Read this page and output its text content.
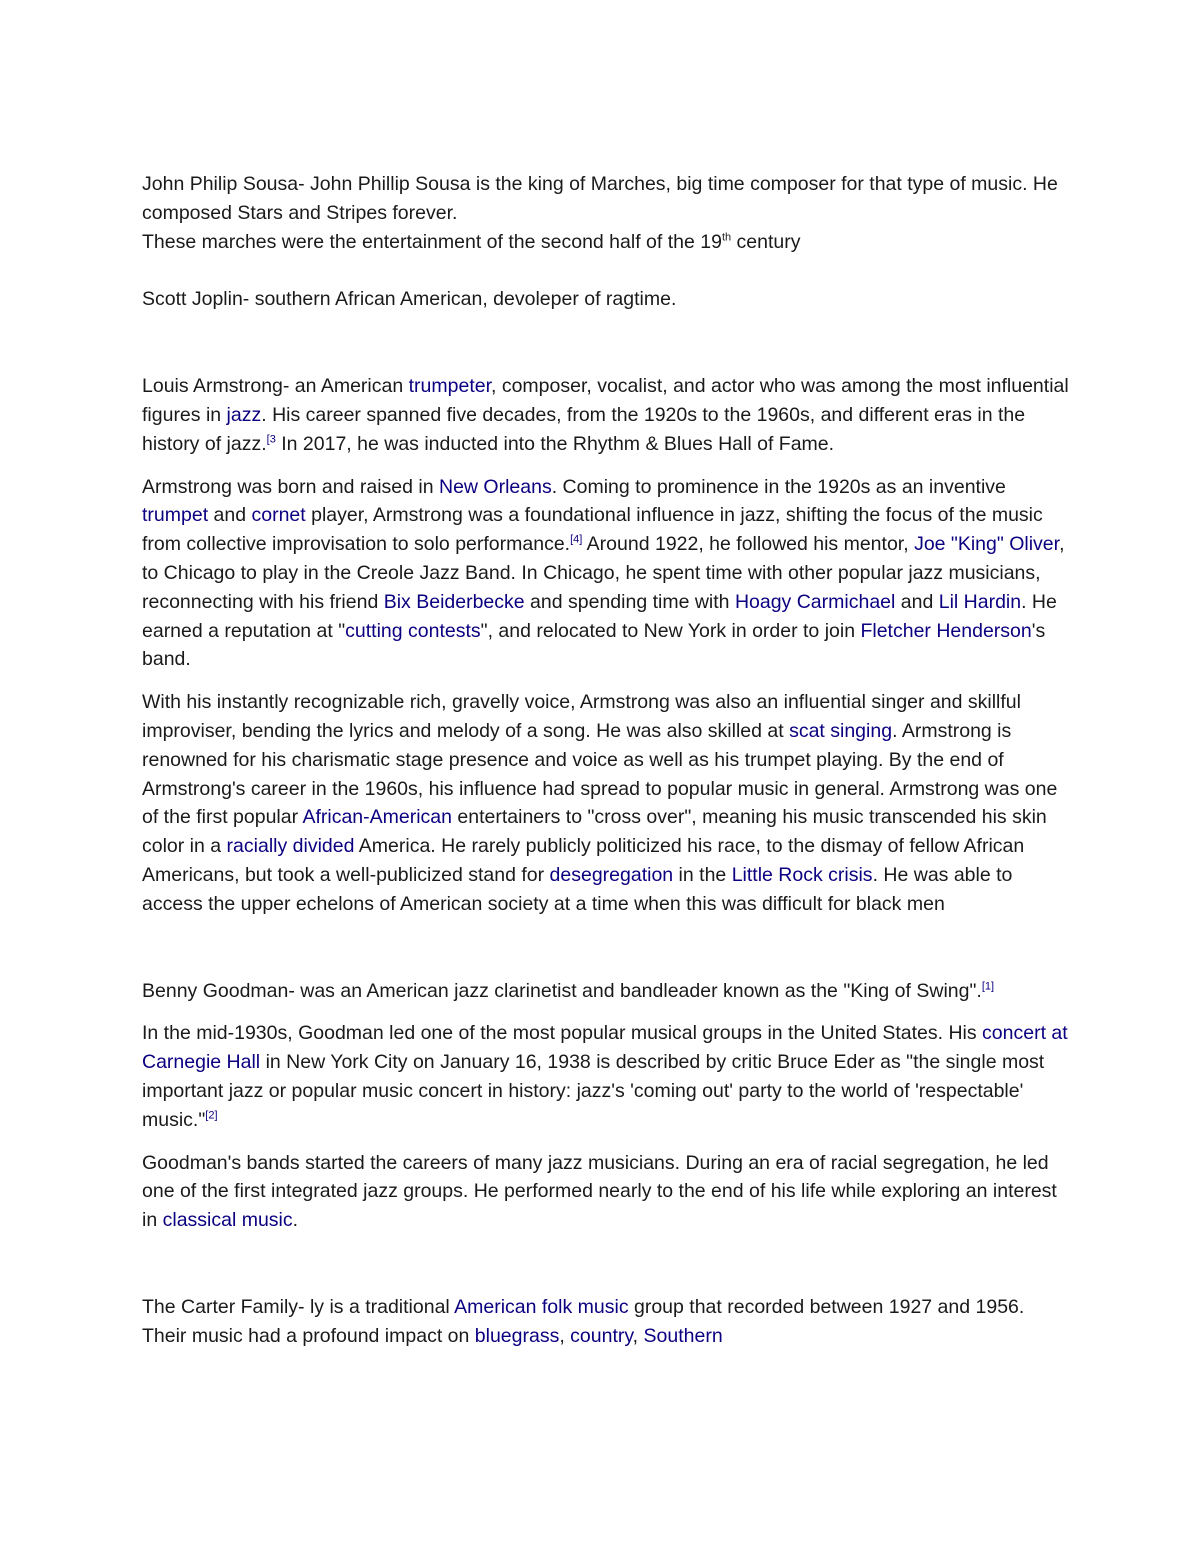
John Philip Sousa- John Phillip Sousa is the king of Marches, big time composer for that type of music. He composed Stars and Stripes forever.
These marches were the entertainment of the second half of the 19th century

Scott Joplin- southern African American, devoleper of ragtime.

Louis Armstrong- an American trumpeter, composer, vocalist, and actor who was among the most influential figures in jazz. His career spanned five decades, from the 1920s to the 1960s, and different eras in the history of jazz.$^{[3}$ In 2017, he was inducted into the Rhythm & Blues Hall of Fame.

Armstrong was born and raised in New Orleans. Coming to prominence in the 1920s as an inventive trumpet and cornet player, Armstrong was a foundational influence in jazz, shifting the focus of the music from collective improvisation to solo performance.[4] Around 1922, he followed his mentor, Joe "King" Oliver, to Chicago to play in the Creole Jazz Band. In Chicago, he spent time with other popular jazz musicians, reconnecting with his friend Bix Beiderbecke and spending time with Hoagy Carmichael and Lil Hardin. He earned a reputation at "cutting contests", and relocated to New York in order to join Fletcher Henderson's band.

With his instantly recognizable rich, gravelly voice, Armstrong was also an influential singer and skillful improviser, bending the lyrics and melody of a song. He was also skilled at scat singing. Armstrong is renowned for his charismatic stage presence and voice as well as his trumpet playing. By the end of Armstrong's career in the 1960s, his influence had spread to popular music in general. Armstrong was one of the first popular African-American entertainers to "cross over", meaning his music transcended his skin color in a racially divided America. He rarely publicly politicized his race, to the dismay of fellow African Americans, but took a well-publicized stand for desegregation in the Little Rock crisis. He was able to access the upper echelons of American society at a time when this was difficult for black men

Benny Goodman- was an American jazz clarinetist and bandleader known as the "King of Swing".[1]

In the mid-1930s, Goodman led one of the most popular musical groups in the United States. His concert at Carnegie Hall in New York City on January 16, 1938 is described by critic Bruce Eder as "the single most important jazz or popular music concert in history: jazz's 'coming out' party to the world of 'respectable' music."[2]

Goodman's bands started the careers of many jazz musicians. During an era of racial segregation, he led one of the first integrated jazz groups. He performed nearly to the end of his life while exploring an interest in classical music.

The Carter Family- ly is a traditional American folk music group that recorded between 1927 and 1956. Their music had a profound impact on bluegrass, country, Southern
